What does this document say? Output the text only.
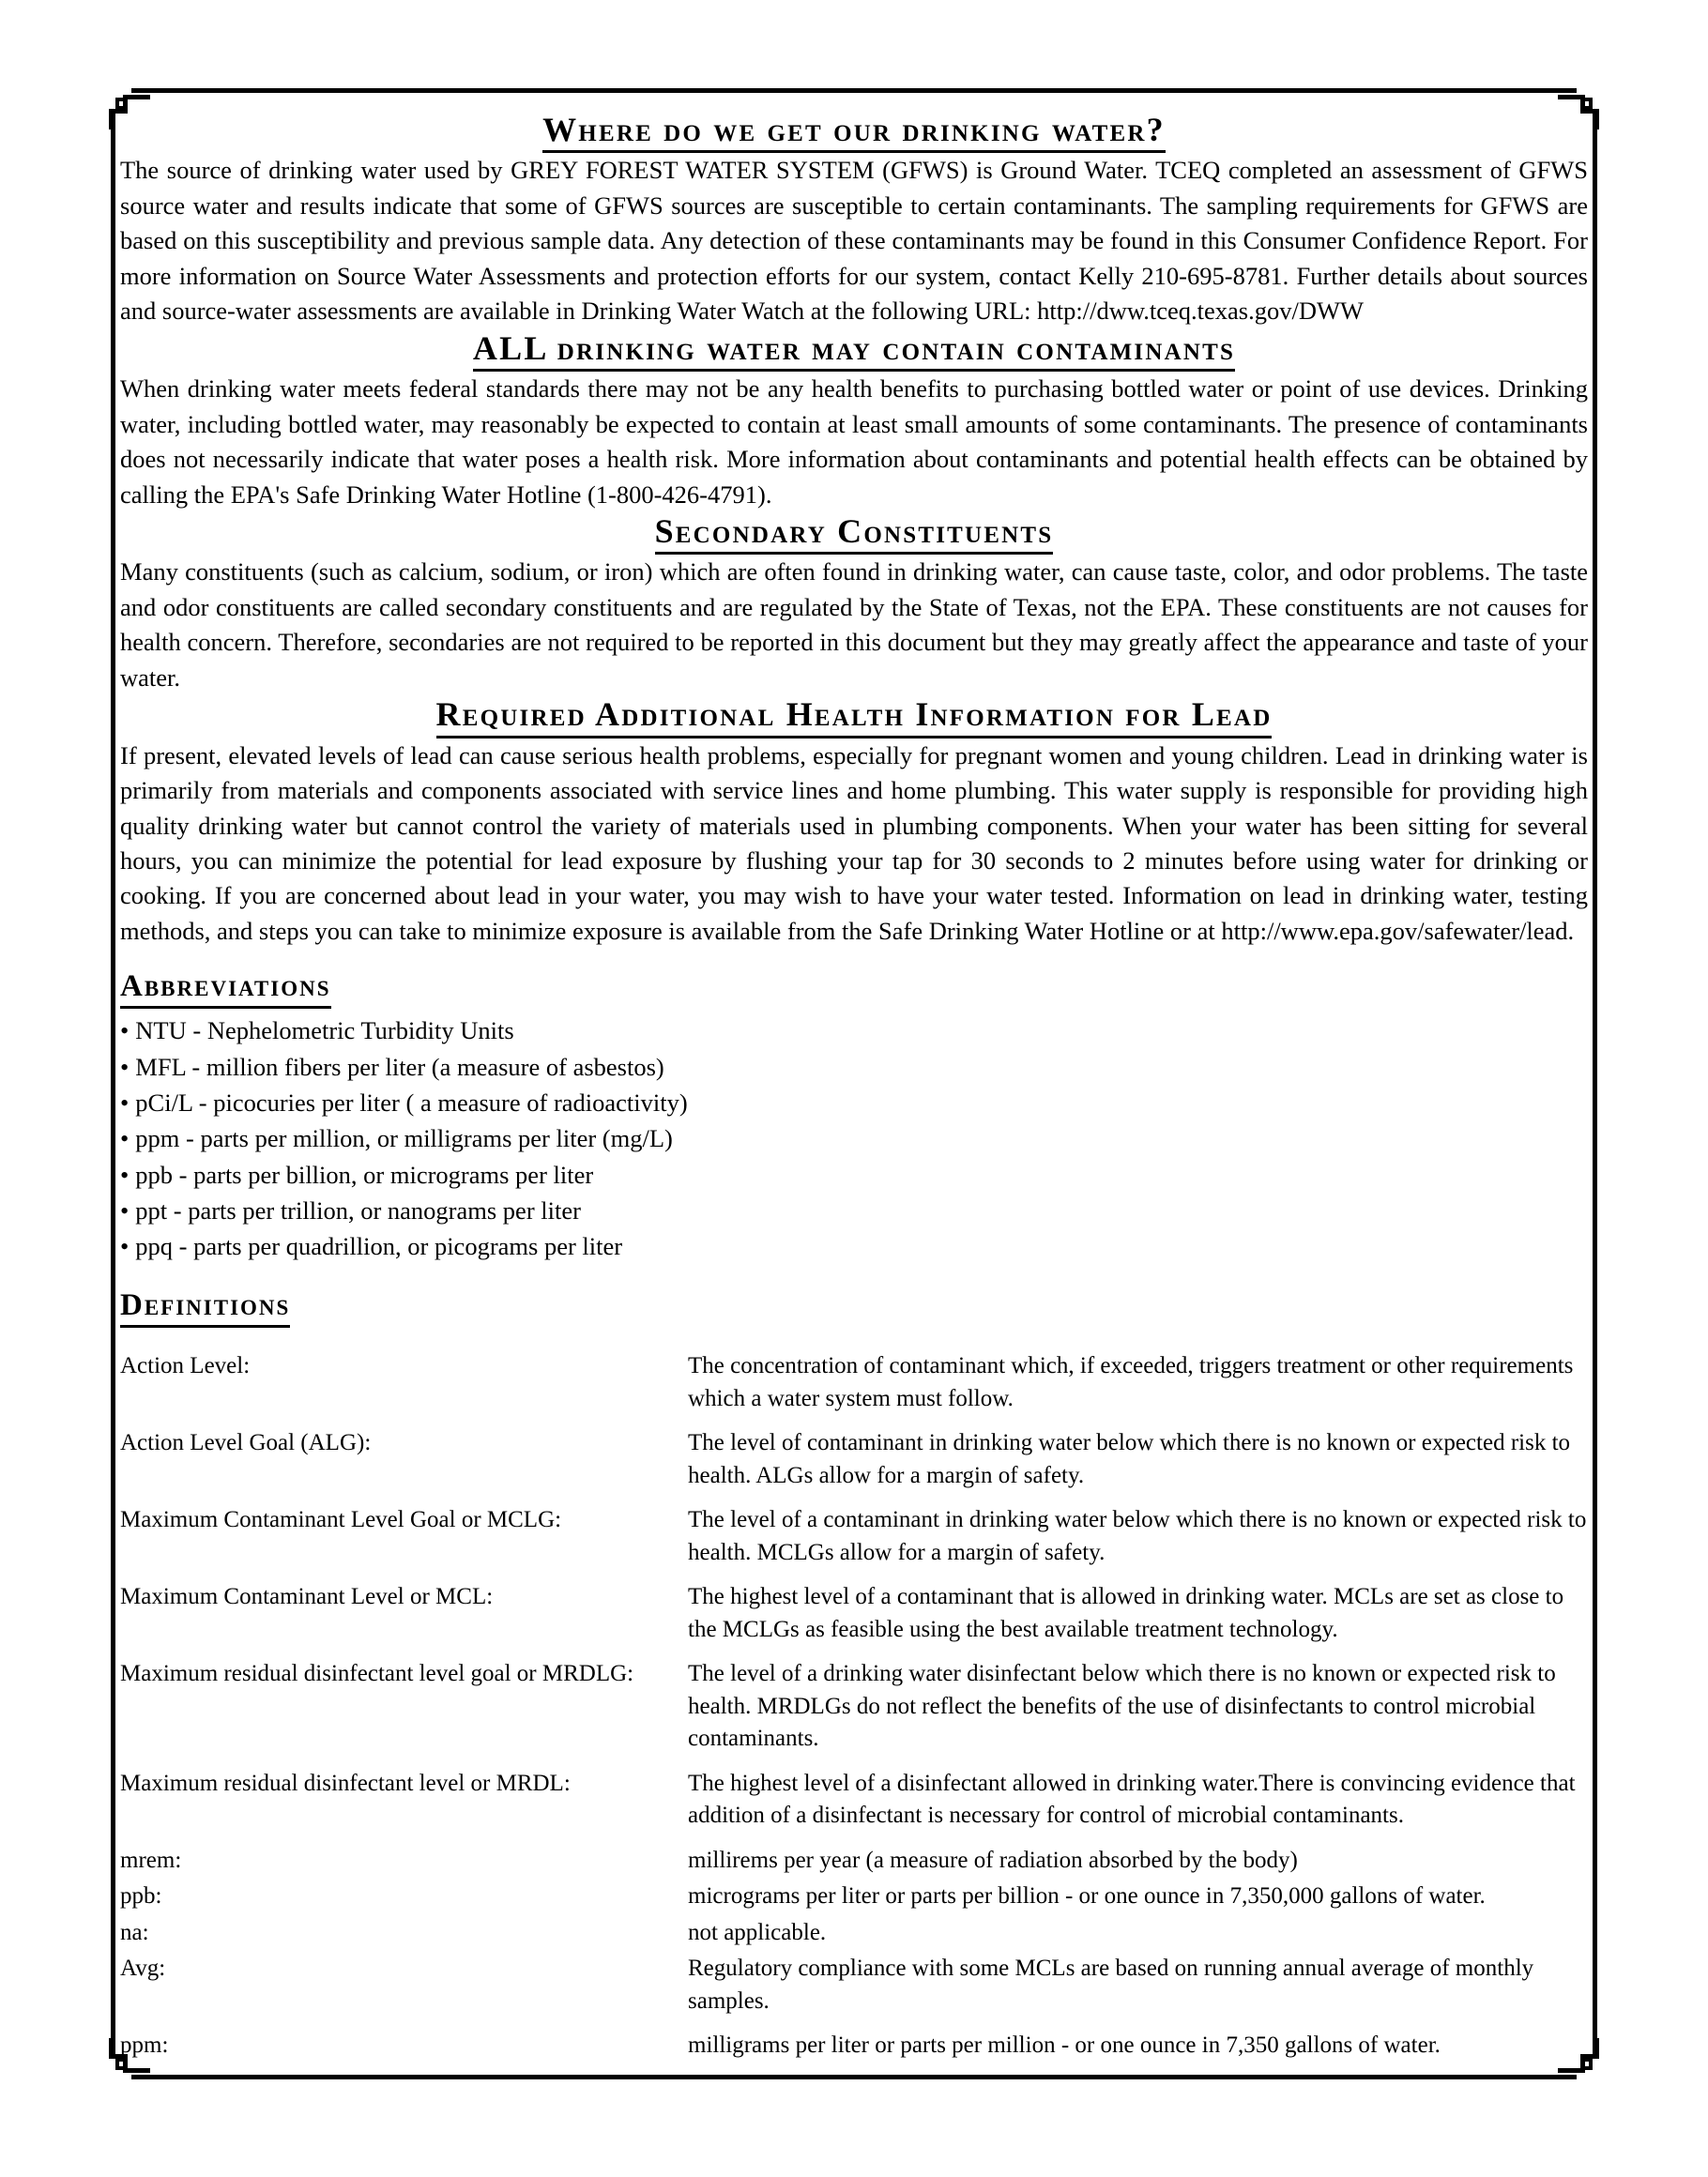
Where do we get our drinking water?

The source of drinking water used by GREY FOREST WATER SYSTEM (GFWS) is Ground Water. TCEQ completed an assessment of GFWS source water and results indicate that some of GFWS sources are susceptible to certain contaminants. The sampling requirements for GFWS are based on this susceptibility and previous sample data. Any detection of these contaminants may be found in this Consumer Confidence Report. For more information on Source Water Assessments and protection efforts for our system, contact Kelly 210-695-8781. Further details about sources and source-water assessments are available in Drinking Water Watch at the following URL: http://dww.tceq.texas.gov/DWW

ALL drinking water may contain contaminants

When drinking water meets federal standards there may not be any health benefits to purchasing bottled water or point of use devices. Drinking water, including bottled water, may reasonably be expected to contain at least small amounts of some contaminants. The presence of contaminants does not necessarily indicate that water poses a health risk. More information about contaminants and potential health effects can be obtained by calling the EPA's Safe Drinking Water Hotline (1-800-426-4791).

Secondary Constituents

Many constituents (such as calcium, sodium, or iron) which are often found in drinking water, can cause taste, color, and odor problems. The taste and odor constituents are called secondary constituents and are regulated by the State of Texas, not the EPA. These constituents are not causes for health concern. Therefore, secondaries are not required to be reported in this document but they may greatly affect the appearance and taste of your water.

Required Additional Health Information for Lead

If present, elevated levels of lead can cause serious health problems, especially for pregnant women and young children. Lead in drinking water is primarily from materials and components associated with service lines and home plumbing. This water supply is responsible for providing high quality drinking water but cannot control the variety of materials used in plumbing components. When your water has been sitting for several hours, you can minimize the potential for lead exposure by flushing your tap for 30 seconds to 2 minutes before using water for drinking or cooking. If you are concerned about lead in your water, you may wish to have your water tested. Information on lead in drinking water, testing methods, and steps you can take to minimize exposure is available from the Safe Drinking Water Hotline or at http://www.epa.gov/safewater/lead.

Abbreviations
• NTU - Nephelometric Turbidity Units
• MFL - million fibers per liter (a measure of asbestos)
• pCi/L - picocuries per liter ( a measure of radioactivity)
• ppm - parts per million, or milligrams per liter (mg/L)
• ppb - parts per billion, or micrograms per liter
• ppt - parts per trillion, or nanograms per liter
• ppq - parts per quadrillion, or picograms per liter
Definitions
Action Level:	The concentration of contaminant which, if exceeded, triggers treatment or other requirements which a water system must follow.
Action Level Goal (ALG):	The level of contaminant in drinking water below which there is no known or expected risk to health. ALGs allow for a margin of safety.
Maximum Contaminant Level Goal or MCLG:	The level of a contaminant in drinking water below which there is no known or expected risk to health. MCLGs allow for a margin of safety.
Maximum Contaminant Level or MCL:	The highest level of a contaminant that is allowed in drinking water. MCLs are set as close to the MCLGs as feasible using the best available treatment technology.
Maximum residual disinfectant level goal or MRDLG:	The level of a drinking water disinfectant below which there is no known or expected risk to health. MRDLGs do not reflect the benefits of the use of disinfectants to control microbial contaminants.
Maximum residual disinfectant level or MRDL:	The highest level of a disinfectant allowed in drinking water.There is convincing evidence that addition of a disinfectant is necessary for control of microbial contaminants.
mrem:	millirems per year (a measure of radiation absorbed by the body)
ppb:	micrograms per liter or parts per billion - or one ounce in 7,350,000 gallons of water.
na:	not applicable.
Avg:	Regulatory compliance with some MCLs are based on running annual average of monthly samples.
ppm:	milligrams per liter or parts per million - or one ounce in 7,350 gallons of water.
